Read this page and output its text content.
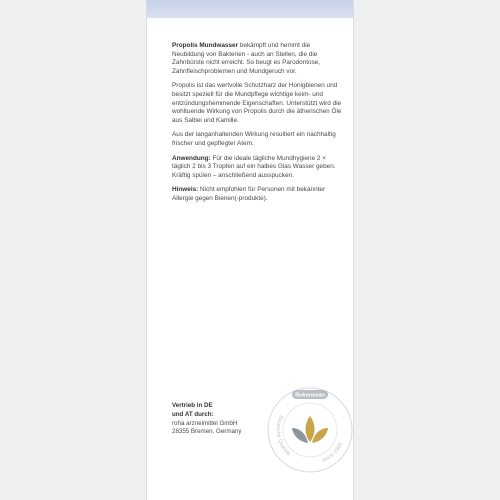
Propolis Mundwasser bekämpft und hemmt die Neubildung von Bakterien - auch an Stellen, die die Zahnbürste nicht erreicht. So beugt es Parodontose, Zahnfleischproblemen und Mundgeruch vor.

Propolis ist das wertvolle Schutzharz der Honigbienen und besitzt speziell für die Mundpflege wichtige keim- und entzündungshemmende Eigenschaften. Unterstützt wird die wohltuende Wirkung von Propolis durch die ätherischen Öle aus Salbei und Kamille.

Aus der langanhaltenden Wirkung resultiert ein nachhaltig frischer und gepflegter Atem.

Anwendung: Für die ideale tägliche Mundhygiene 2 × täglich 2 bis 3 Tropfen auf ein halbes Glas Wasser geben. Kräftig spülen – anschließend ausspucken.

Hinweis: Nicht empfohlen für Personen mit bekannter Allergie gegen Bienen(-produkte).

Vertrieb in DE
und AT durch:
roha arzneimittel GmbH
28355 Bremen, Germany
Bokanasan
Deutsche Qualität
since 1954
